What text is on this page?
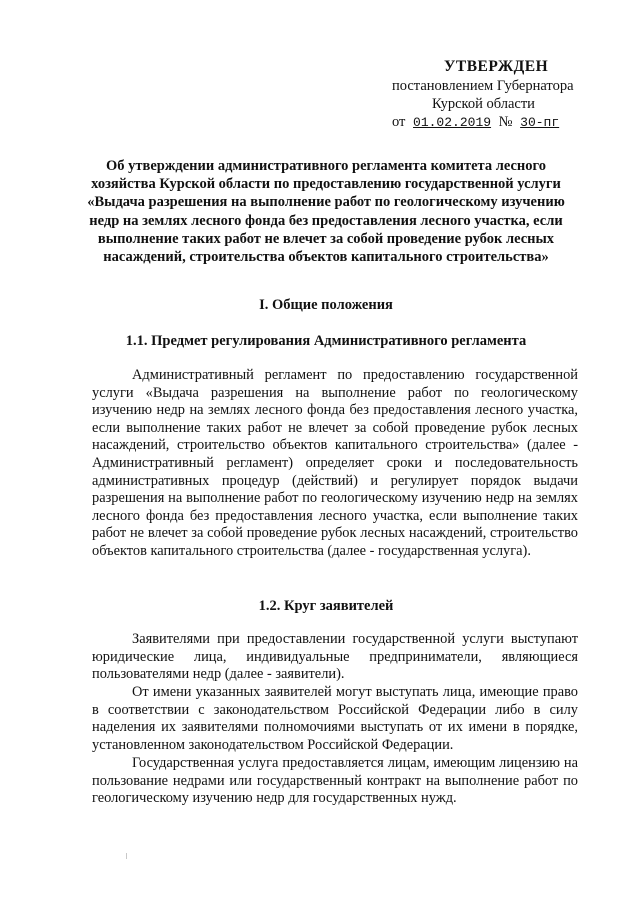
УТВЕРЖДЕН
постановлением Губернатора
Курской области
от 01.02.2019 № 30-пг
Об утверждении административного регламента комитета лесного хозяйства Курской области по предоставлению государственной услуги «Выдача разрешения на выполнение работ по геологическому изучению недр на землях лесного фонда без предоставления лесного участка, если выполнение таких работ не влечет за собой проведение рубок лесных насаждений, строительства объектов капитального строительства»
I. Общие положения
1.1. Предмет регулирования Административного регламента
Административный регламент по предоставлению государственной услуги «Выдача разрешения на выполнение работ по геологическому изучению недр на землях лесного фонда без предоставления лесного участка, если выполнение таких работ не влечет за собой проведение рубок лесных насаждений, строительство объектов капитального строительства» (далее - Административный регламент) определяет сроки и последовательность административных процедур (действий) и регулирует порядок выдачи разрешения на выполнение работ по геологическому изучению недр на землях лесного фонда без предоставления лесного участка, если выполнение таких работ не влечет за собой проведение рубок лесных насаждений, строительство объектов капитального строительства (далее - государственная услуга).
1.2. Круг заявителей
Заявителями при предоставлении государственной услуги выступают юридические лица, индивидуальные предприниматели, являющиеся пользователями недр (далее - заявители).
От имени указанных заявителей могут выступать лица, имеющие право в соответствии с законодательством Российской Федерации либо в силу наделения их заявителями полномочиями выступать от их имени в порядке, установленном законодательством Российской Федерации.
Государственная услуга предоставляется лицам, имеющим лицензию на пользование недрами или государственный контракт на выполнение работ по геологическому изучению недр для государственных нужд.
